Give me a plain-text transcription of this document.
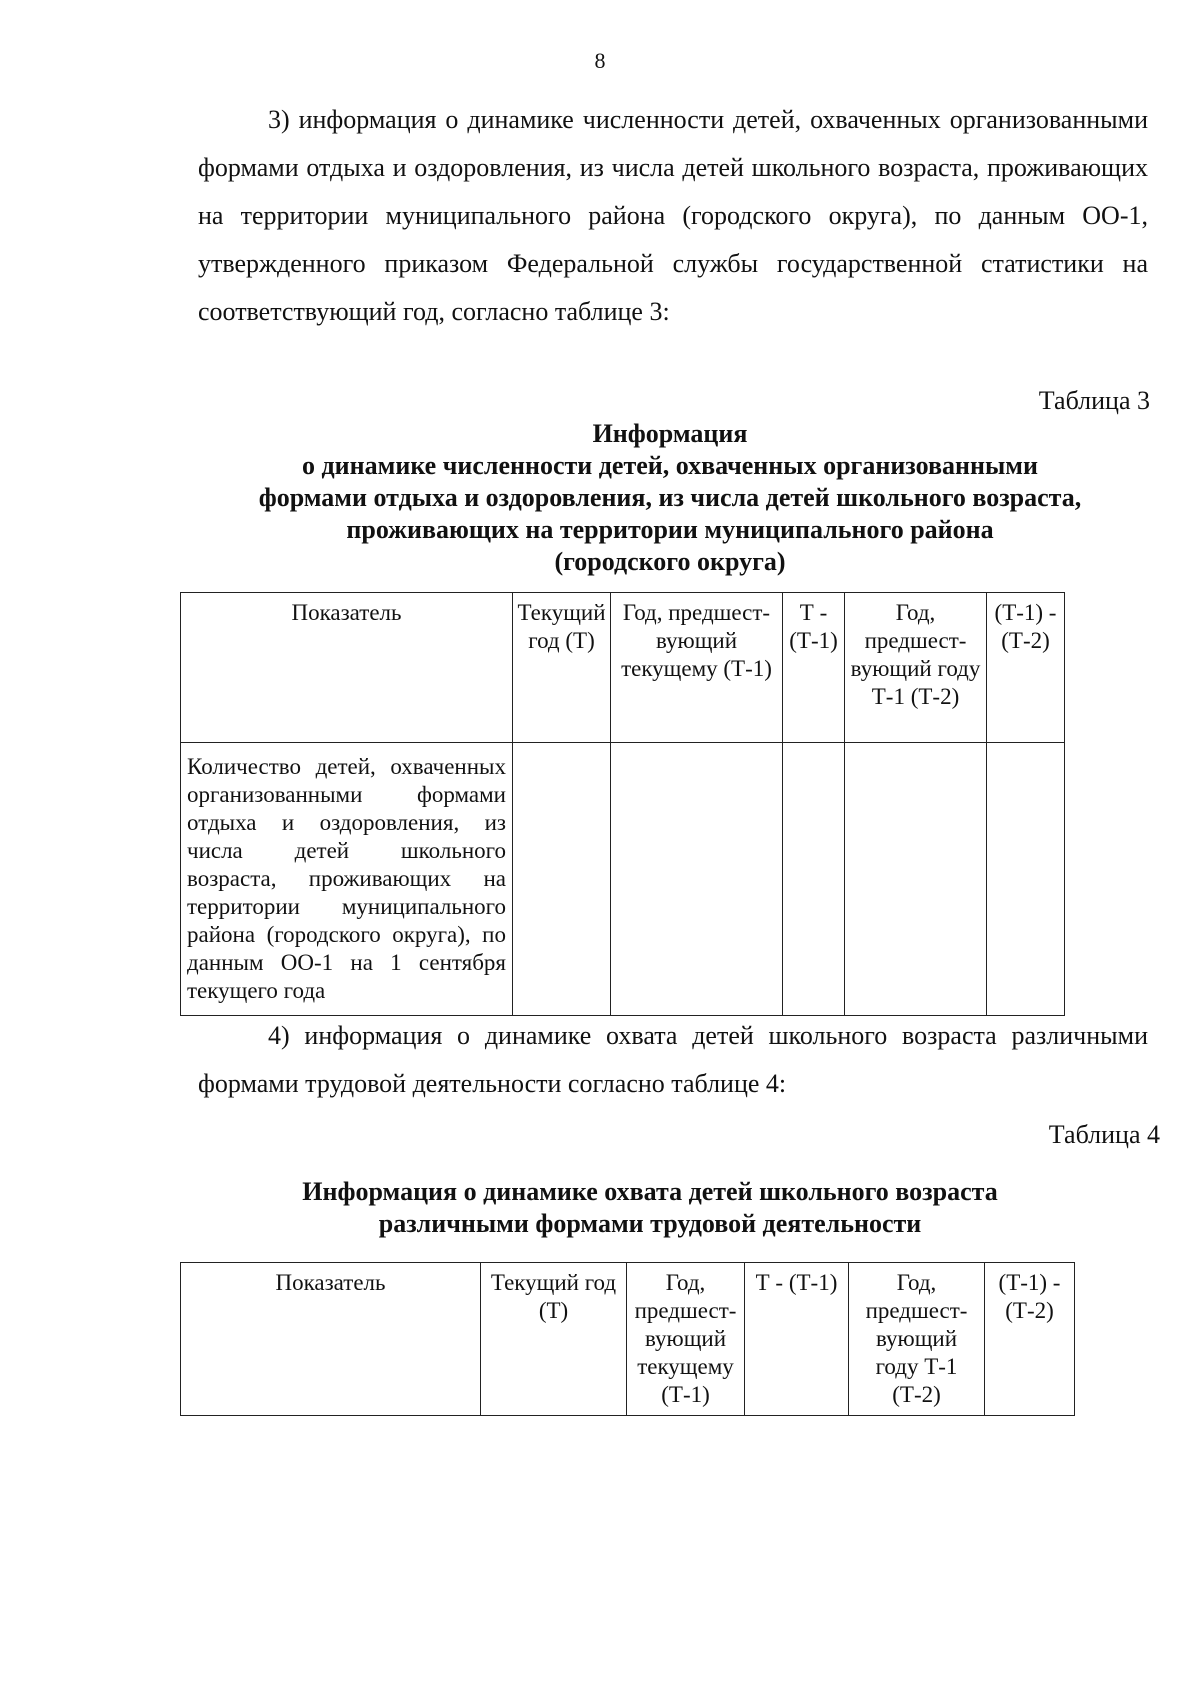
8

3) информация о динамике численности детей, охваченных организованными формами отдыха и оздоровления, из числа детей школьного возраста, проживающих на территории муниципального района (городского округа), по данным ОО-1, утвержденного приказом Федеральной службы государственной статистики на соответствующий год, согласно таблице 3:

Таблица 3
Информация
о динамике численности детей, охваченных организованными
формами отдыха и оздоровления, из числа детей школьного возраста,
проживающих на территории муниципального района
(городского округа)
Показатель	Текущий год (Т)	Год, предшест-вующий текущему (Т-1)	Т - (Т-1)	Год, предшест-вующий году Т-1 (Т-2)	(Т-1) - (Т-2)
Количество детей, охваченных организованными формами отдыха и оздоровления, из числа детей школьного возраста, проживающих на территории муниципального района (городского округа), по данным ОО-1 на 1 сентября текущего года					

4) информация о динамике охвата детей школьного возраста различными формами трудовой деятельности согласно таблице 4:

Таблица 4
Информация о динамике охвата детей школьного возраста
различными формами трудовой деятельности
Показатель	Текущий год (Т)	Год, предшест-вующий текущему (Т-1)	Т - (Т-1)	Год, предшест-вующий году Т-1 (Т-2)	(Т-1) - (Т-2)
